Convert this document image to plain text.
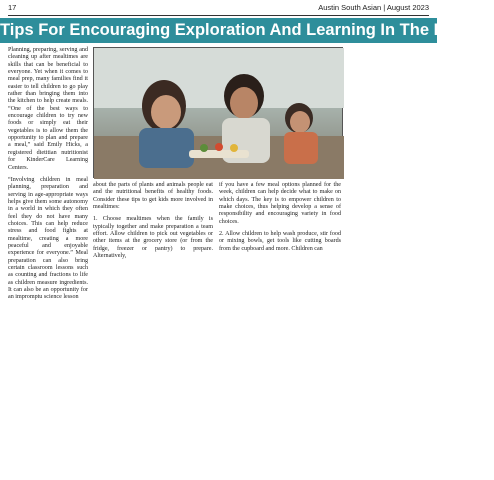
17	Austin South Asian | August 2023
Tips For Encouraging Exploration And Learning In The Kitchen

Planning, preparing, serving and cleaning up after mealtimes are skills that can be beneficial to everyone. Yet when it comes to meal prep, many families find it easier to tell children to go play rather than bringing them into the kitchen to help create meals. “One of the best ways to encourage children to try new foods or simply eat their vegetables is to allow them the opportunity to plan and prepare a meal,” said Emily Hicks, a registered dietitian nutritionist for KinderCare Learning Centers.

“Involving children in meal planning, preparation and serving in age-appropriate ways helps give them some autonomy in a world in which they often feel they do not have many choices. This can help reduce stress and food fights at mealtime, creating a more peaceful and enjoyable experience for everyone.” Meal preparation can also bring certain classroom lessons such as counting and fractions to life as children measure ingredients. It can also be an opportunity for an impromptu science lesson

about the parts of plants and animals people eat and the nutritional benefits of healthy foods. Consider these tips to get kids more involved in mealtimes:

1. Choose mealtimes when the family is typically together and make preparation a team effort. Allow children to pick out vegetables or other items at the grocery store (or from the fridge, freezer or pantry) to prepare. Alternatively,

if you have a few meal options planned for the week, children can help decide what to make on which days. The key is to empower children to make choices, thus helping develop a sense of responsibility and encouraging variety in food choices.

2. Allow children to help wash produce, stir food or mixing bowls, get tools like cutting boards from the cupboard and more. Children can
